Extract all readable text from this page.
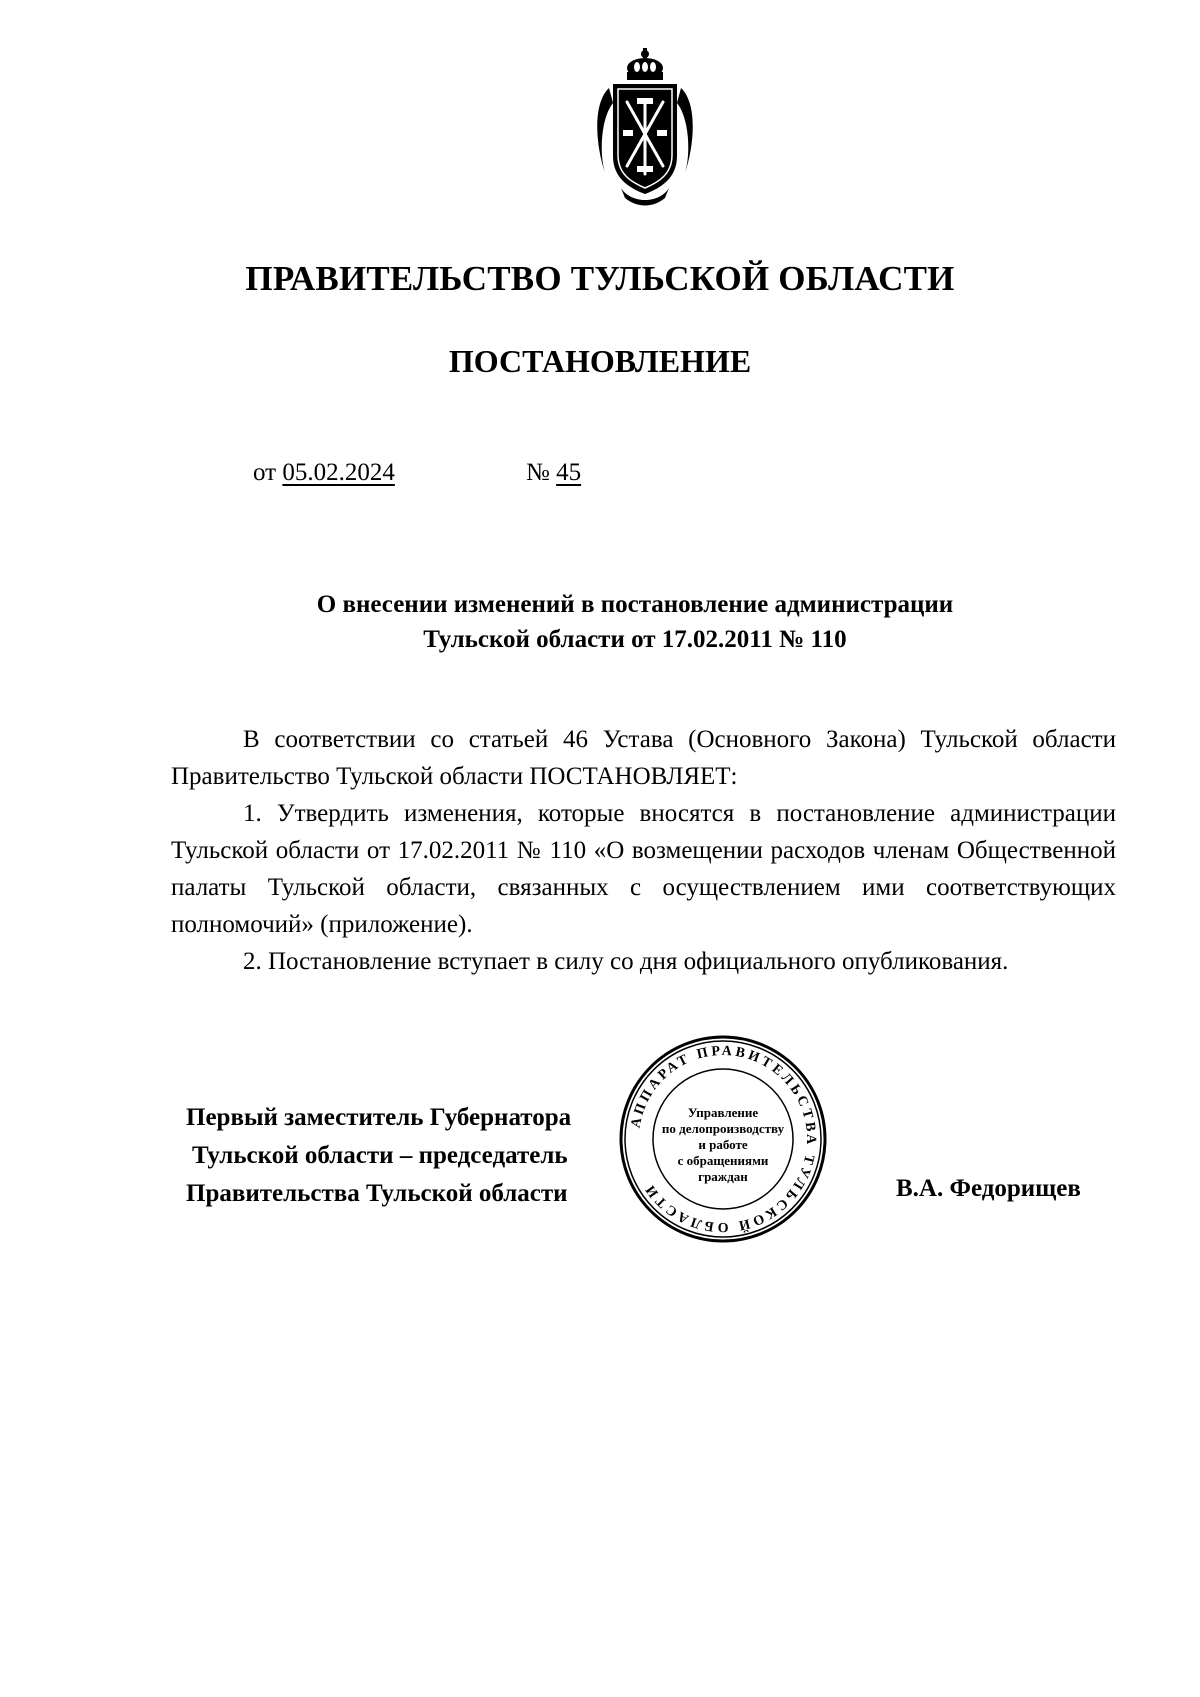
ПРАВИТЕЛЬСТВО ТУЛЬСКОЙ ОБЛАСТИ
ПОСТАНОВЛЕНИЕ
от 05.02.2024	№ 45
О внесении изменений в постановление администрации
Тульской области от 17.02.2011 № 110

В соответствии со статьей 46 Устава (Основного Закона) Тульской области Правительство Тульской области ПОСТАНОВЛЯЕТ:

1. Утвердить изменения, которые вносятся в постановление администрации Тульской области от 17.02.2011 № 110 «О возмещении расходов членам Общественной палаты Тульской области, связанных с осуществлением ими соответствующих полномочий» (приложение).

2. Постановление вступает в силу со дня официального опубликования.

АППАРАТ ПРАВИТЕЛЬСТВА ТУЛЬСКОЙ ОБЛАСТИ
Управление
по делопроизводству
и работе
с обращениями
граждан
Первый заместитель Губернатора
Тульской области – председатель
Правительства Тульской области	В.А. Федорищев
